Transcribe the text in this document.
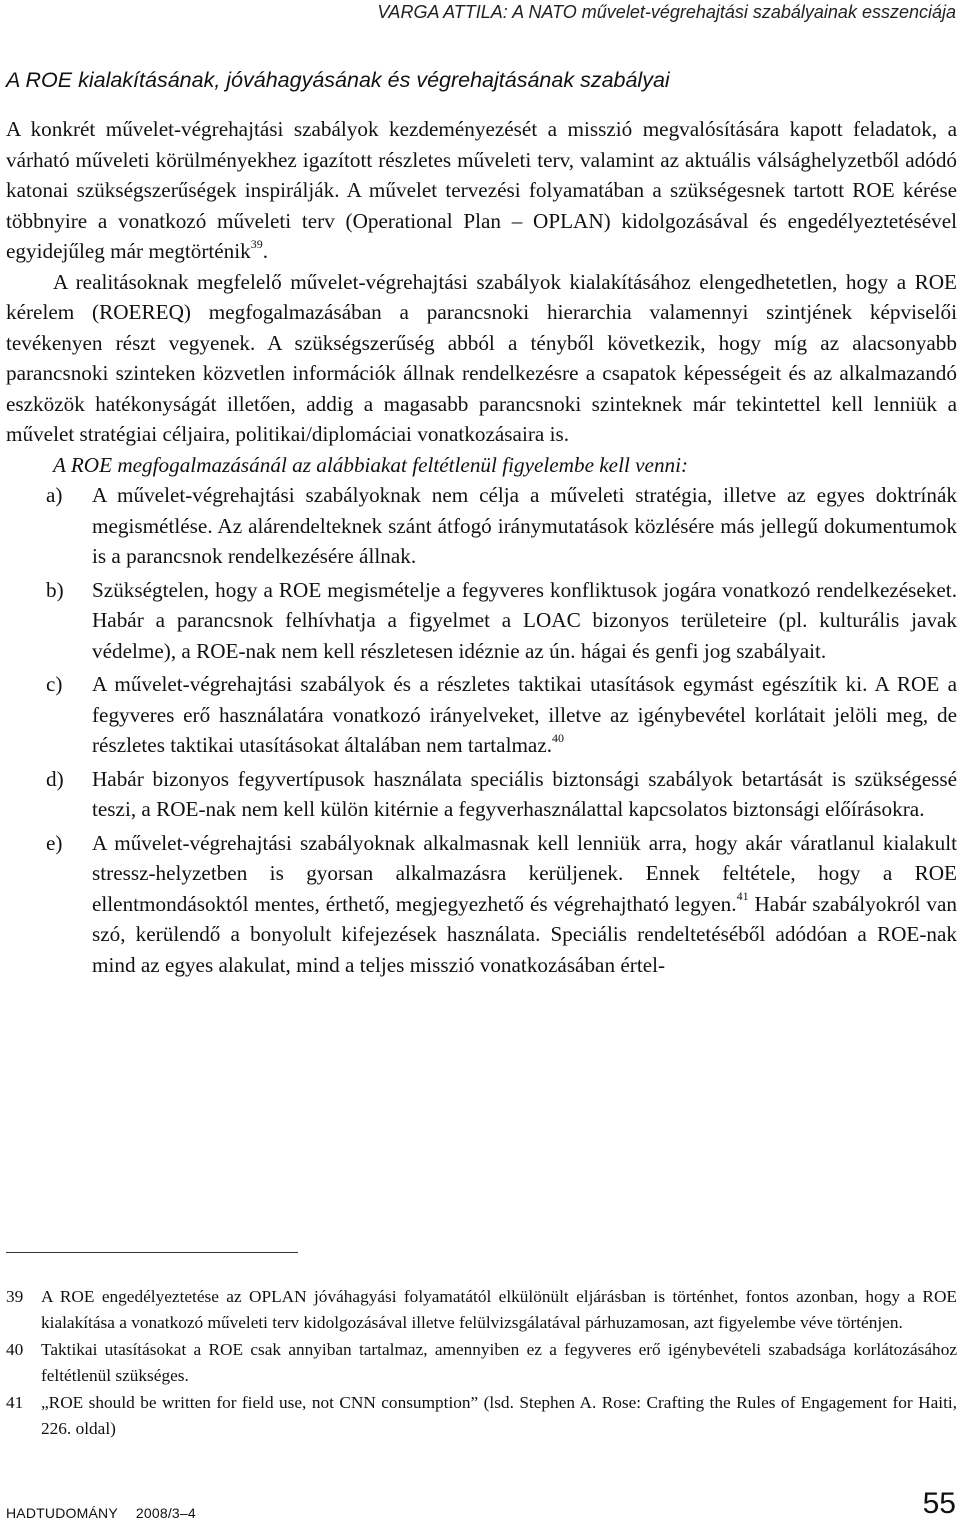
VARGA ATTILA: A NATO művelet-végrehajtási szabályainak esszenciája
A ROE kialakításának, jóváhagyásának és végrehajtásának szabályai

A konkrét művelet-végrehajtási szabályok kezdeményezését a misszió megvalósítására kapott feladatok, a várható műveleti körülményekhez igazított részletes műveleti terv, valamint az aktuális válsághelyzetből adódó katonai szükségszerűségek inspirálják. A művelet tervezési folyamatában a szükségesnek tartott ROE kérése többnyire a vonatkozó műveleti terv (Operational Plan – OPLAN) kidolgozásával és engedélyeztetésével egyidejűleg már megtörténik$^{39}$.

A realitásoknak megfelelő művelet-végrehajtási szabályok kialakításához elengedhetetlen, hogy a ROE kérelem (ROEREQ) megfogalmazásában a parancsnoki hierarchia valamennyi szintjének képviselői tevékenyen részt vegyenek. A szükségszerűség abból a tényből következik, hogy míg az alacsonyabb parancsnoki szinteken közvetlen információk állnak rendelkezésre a csapatok képességeit és az alkalmazandó eszközök hatékonyságát illetően, addig a magasabb parancsnoki szinteknek már tekintettel kell lenniük a művelet stratégiai céljaira, politikai/diplomáciai vonatkozásaira is.

A ROE megfogalmazásánál az alábbiakat feltétlenül figyelembe kell venni:

a)	A művelet-végrehajtási szabályoknak nem célja a műveleti stratégia, illetve az egyes doktrínák megismétlése. Az alárendelteknek szánt átfogó iránymutatások közlésére más jellegű dokumentumok is a parancsnok rendelkezésére állnak.
b)	Szükségtelen, hogy a ROE megismételje a fegyveres konfliktusok jogára vonatkozó rendelkezéseket. Habár a parancsnok felhívhatja a figyelmet a LOAC bizonyos területeire (pl. kulturális javak védelme), a ROE-nak nem kell részletesen idéznie az ún. hágai és genfi jog szabályait.
c)	A művelet-végrehajtási szabályok és a részletes taktikai utasítások egymást egészítik ki. A ROE a fegyveres erő használatára vonatkozó irányelveket, illetve az igénybevétel korlátait jelöli meg, de részletes taktikai utasításokat általában nem tartalmaz.$^{40}$
d)	Habár bizonyos fegyvertípusok használata speciális biztonsági szabályok betartását is szükségessé teszi, a ROE-nak nem kell külön kitérnie a fegyverhasználattal kapcsolatos biztonsági előírásokra.
e)	A művelet-végrehajtási szabályoknak alkalmasnak kell lenniük arra, hogy akár váratlanul kialakult stressz-helyzetben is gyorsan alkalmazásra kerüljenek. Ennek feltétele, hogy a ROE ellentmondásoktól mentes, érthető, megjegyezhető és végrehajtható legyen.$^{41}$ Habár szabályokról van szó, kerülendő a bonyolult kifejezések használata. Speciális rendeltetéséből adódóan a ROE-nak mind az egyes alakulat, mind a teljes misszió vonatkozásában értel-
39	A ROE engedélyeztetése az OPLAN jóváhagyási folyamatától elkülönült eljárásban is történhet, fontos azonban, hogy a ROE kialakítása a vonatkozó műveleti terv kidolgozásával illetve felülvizsgálatával párhuzamosan, azt figyelembe véve történjen.
40	Taktikai utasításokat a ROE csak annyiban tartalmaz, amennyiben ez a fegyveres erő igénybevételi szabadsága korlátozásához feltétlenül szükséges.
41	„ROE should be written for field use, not CNN consumption” (lsd. Stephen A. Rose: Crafting the Rules of Engagement for Haiti, 226. oldal)
HADTUDOMÁNY 2008/3–4	55
